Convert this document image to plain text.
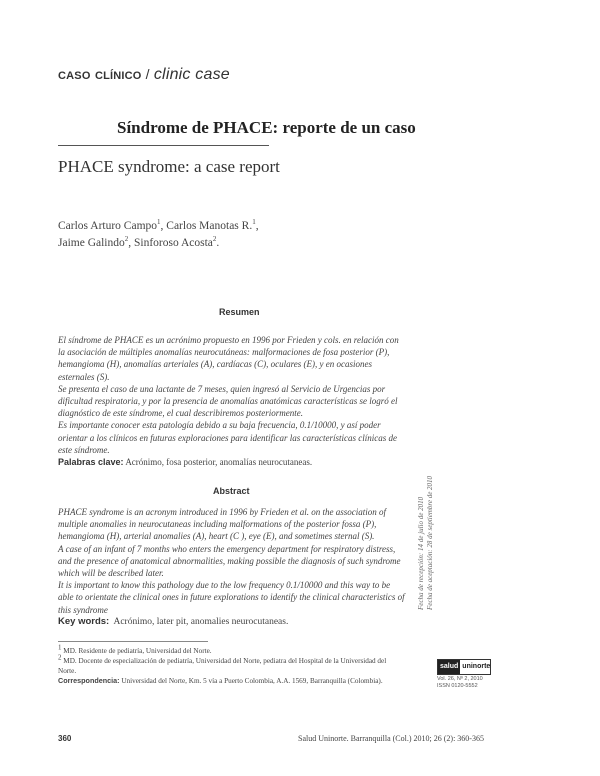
caso clínico / clinic case
Síndrome de PHACE: reporte de un caso
PHACE syndrome: a case report
Carlos Arturo Campo$^1$, Carlos Manotas R.$^1$,
Jaime Galindo$^2$, Sinforoso Acosta$^2$.
Resumen

El síndrome de PHACE es un acrónimo propuesto en 1996 por Frieden y cols. en relación con la asociación de múltiples anomalías neurocutáneas: malformaciones de fosa posterior (P), hemangioma (H), anomalías arteriales (A), cardíacas (C), oculares (E), y en ocasiones esternales (S).

Se presenta el caso de una lactante de 7 meses, quien ingresó al Servicio de Urgencias por dificultad respiratoria, y por la presencia de anomalías anatómicas características se logró el diagnóstico de este síndrome, el cual describiremos posteriormente.

Es importante conocer esta patología debido a su baja frecuencia, 0.1/10000, y así poder orientar a los clínicos en futuras exploraciones para identificar las características clínicas de este síndrome.

Palabras clave: Acrónimo, fosa posterior, anomalías neurocutaneas.

Abstract

PHACE syndrome is an acronym introduced in 1996 by Frieden et al. on the association of multiple anomalies in neurocutaneas including malformations of the posterior fossa (P), hemangioma (H), arterial anomalies (A), heart (C ), eye (E), and sometimes sternal (S).

A case of an infant of 7 months who enters the emergency department for respiratory distress, and the presence of anatomical abnormalities, making possible the diagnosis of such syndrome which will be described later.

It is important to know this pathology due to the low frequency 0.1/10000 and this way to be able to orientate the clinical ones in future explorations to identify the clinical characteristics of this syndrome

Key words: Acrónimo, later pit, anomalies neurocutaneas.
Fecha de recepción: 14 de julio de 2010 Fecha de aceptación: 28 de septiembre de 2010

$^1$ MD. Residente de pediatría, Universidad del Norte.

$^2$ MD. Docente de especialización de pediatría, Universidad del Norte, pediatra del Hospital de la Universidad del Norte.

Correspondencia: Universidad del Norte, Km. 5 vía a Puerto Colombia, A.A. 1569, Barranquilla (Colombia).

salud uninorte
Vol. 26, Nº 2, 2010
ISSN 0120-5552
360	Salud Uninorte. Barranquilla (Col.) 2010; 26 (2): 360-365
